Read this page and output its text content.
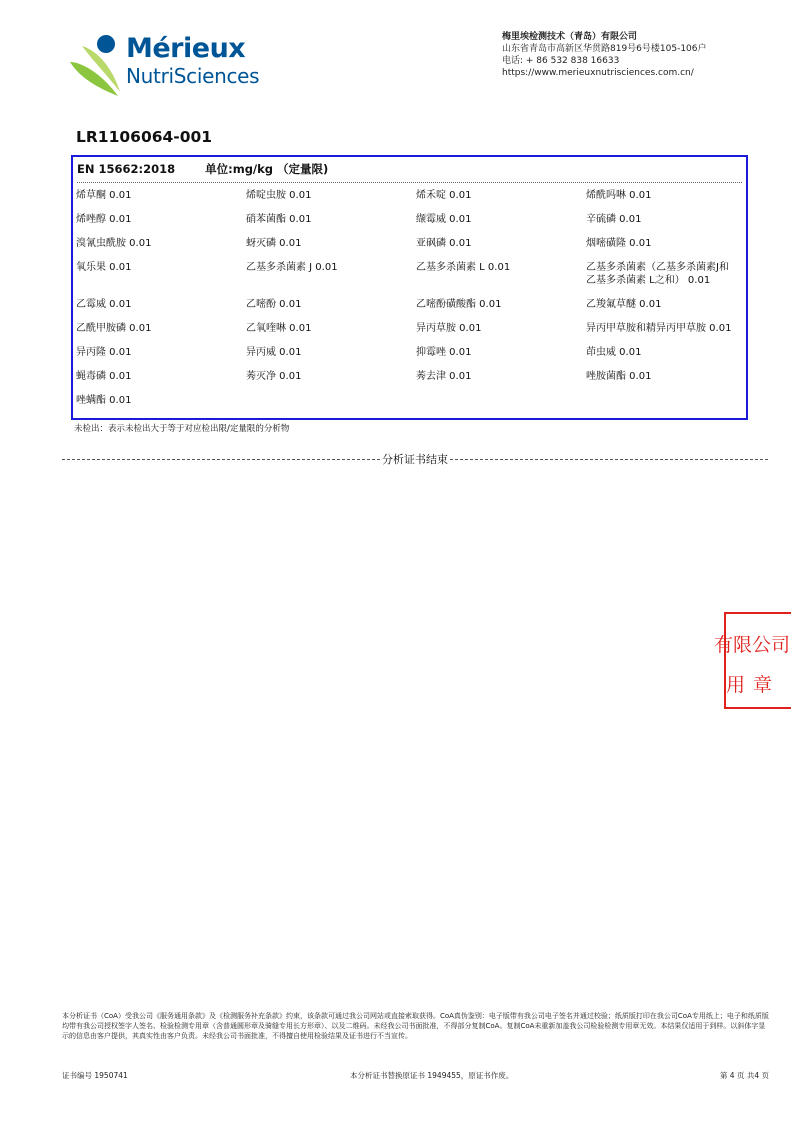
Mérieux
NutriSciences
梅里埃检测技术（青岛）有限公司
山东省青岛市高新区华贯路819号6号楼105-106户
电话: + 86 532 838 16633
https://www.merieuxnutrisciences.com.cn/
LR1106064-001
EN 15662:2018	单位:mg/kg （定量限)
烯草酮 0.01	烯啶虫胺 0.01	烯禾啶 0.01	烯酰吗啉 0.01
烯唑醇 0.01	硝苯菌酯 0.01	缬霉威 0.01	辛硫磷 0.01
溴氰虫酰胺 0.01	蚜灭磷 0.01	亚砜磷 0.01	烟嘧磺隆 0.01
氧乐果 0.01	乙基多杀菌素 J 0.01	乙基多杀菌素 L 0.01	乙基多杀菌素（乙基多杀菌素J和乙基多杀菌素 L之和） 0.01
乙霉威 0.01	乙嘧酚 0.01	乙嘧酚磺酸酯 0.01	乙羧氟草醚 0.01
乙酰甲胺磷 0.01	乙氧喹啉 0.01	异丙草胺 0.01	异丙甲草胺和精异丙甲草胺 0.01
异丙隆 0.01	异丙威 0.01	抑霉唑 0.01	茚虫威 0.01
蝇毒磷 0.01	莠灭净 0.01	莠去津 0.01	唑胺菌酯 0.01
唑螨酯 0.01
未检出：表示未检出大于等于对应检出限/定量限的分析物
分析证书结束
有限公司
用章
本分析证书（CoA）受我公司《服务通用条款》及《检测服务补充条款》约束，该条款可通过我公司网站或直接索取获得。CoA真伪鉴别：电子版带有我公司电子签名并通过校验；纸质版打印在我公司CoA专用纸上；电子和纸质版均带有我公司授权签字人签名、检验检测专用章（含普通圆形章及骑缝专用长方形章）、以及二维码。未经我公司书面批准，不得部分复制CoA。复制CoA未重新加盖我公司检验检测专用章无效。本结果仅适用于到样。以斜体字显示的信息由客户提供，其真实性由客户负责。未经我公司书面批准，不得擅自使用检验结果及证书进行不当宣传。
证书编号 1950741	本分析证书替换原证书 1949455，原证书作废。	第 4 页 共4 页
